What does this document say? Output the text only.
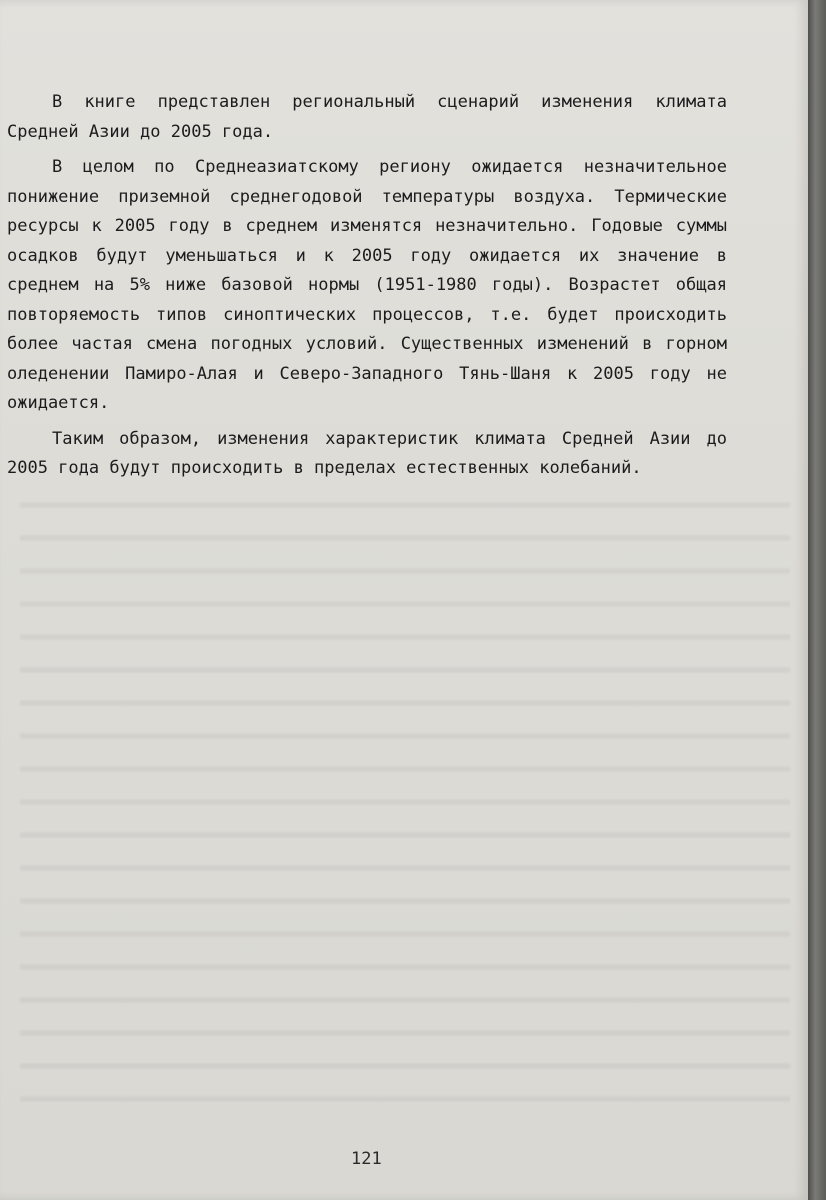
В книге представлен региональный сценарий изменения климата Средней Азии до 2005 года.

В целом по Среднеазиатскому региону ожидается незначительное понижение приземной среднегодовой температуры воздуха. Термические ресурсы к 2005 году в среднем изменятся незначительно. Годовые суммы осадков будут уменьшаться и к 2005 году ожидается их значение в среднем на 5% ниже базовой нормы (1951-1980 годы). Возрастет общая повторяемость типов синоптических процессов, т.е. будет происходить более частая смена погодных условий. Существенных изменений в горном оледенении Памиро-Алая и Северо-Западного Тянь-Шаня к 2005 году не ожидается.

Таким образом, изменения характеристик климата Средней Азии до 2005 года будут происходить в пределах естественных колебаний.

121
